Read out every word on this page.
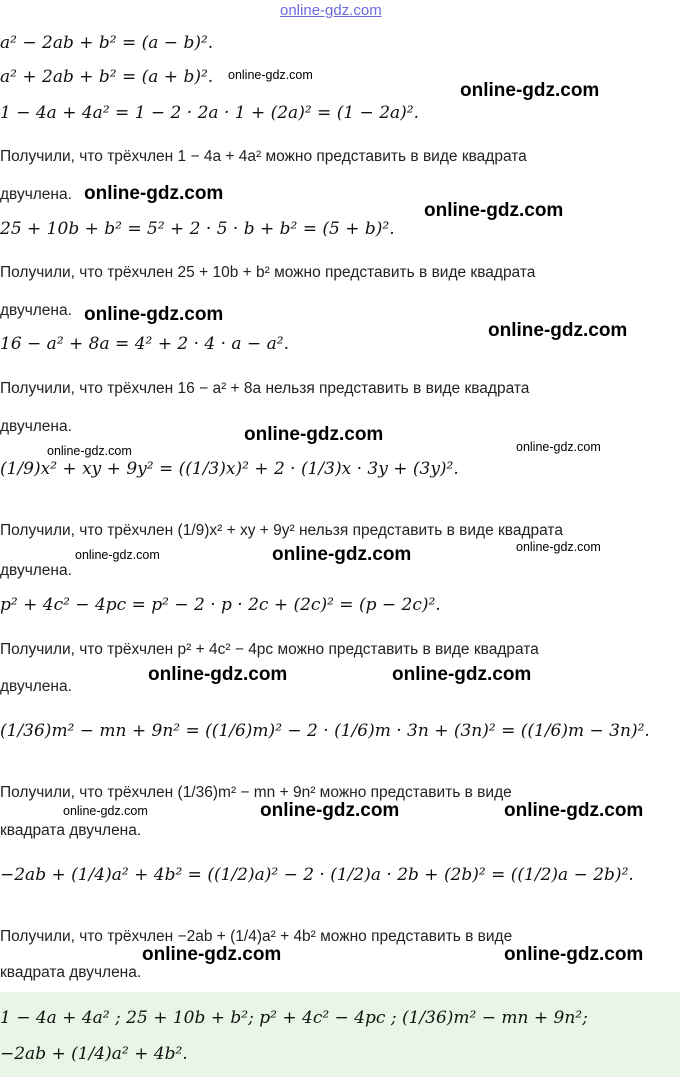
online-gdz.com
a² − 2ab + b² = (a − b)².
a² + 2ab + b² = (a + b)². online-gdz.com
online-gdz.com
1 − 4a + 4a² = 1 − 2 · 2a · 1 + (2a)² = (1 − 2a)².
Получили, что трёхчлен 1 − 4a + 4a² можно представить в виде квадрата
двучлена. online-gdz.com
online-gdz.com
25 + 10b + b² = 5² + 2 · 5 · b + b² = (5 + b)².
Получили, что трёхчлен 25 + 10b + b² можно представить в виде квадрата
двучлена. online-gdz.com
online-gdz.com
16 − a² + 8a = 4² + 2 · 4 · a − a².
Получили, что трёхчлен 16 − a² + 8a нельзя представить в виде квадрата
двучлена.	online-gdz.com
online-gdz.com	online-gdz.com
(1/9)x² + xy + 9y² = ((1/3)x)² + 2 · (1/3)x · 3y + (3y)².
Получили, что трёхчлен (1/9)x² + xy + 9y² нельзя представить в виде квадрата
online-gdz.com
online-gdz.com	online-gdz.com
двучлена.
p² + 4c² − 4pc = p² − 2 · p · 2c + (2c)² = (p − 2c)².
Получили, что трёхчлен p² + 4c² − 4pc можно представить в виде квадрата
online-gdz.com	online-gdz.com
двучлена.
(1/36)m² − mn + 9n² = ((1/6)m)² − 2 · (1/6)m · 3n + (3n)² = ((1/6)m − 3n)².
Получили, что трёхчлен (1/36)m² − mn + 9n² можно представить в виде
online-gdz.com	online-gdz.com	online-gdz.com
квадрата двучлена.
−2ab + (1/4)a² + 4b² = ((1/2)a)² − 2 · (1/2)a · 2b + (2b)² = ((1/2)a − 2b)².
Получили, что трёхчлен −2ab + (1/4)a² + 4b² можно представить в виде
online-gdz.com	online-gdz.com
квадрата двучлена.
1 − 4a + 4a² ; 25 + 10b + b²; p² + 4c² − 4pc ; (1/36)m² − mn + 9n²;
−2ab + (1/4)a² + 4b².
